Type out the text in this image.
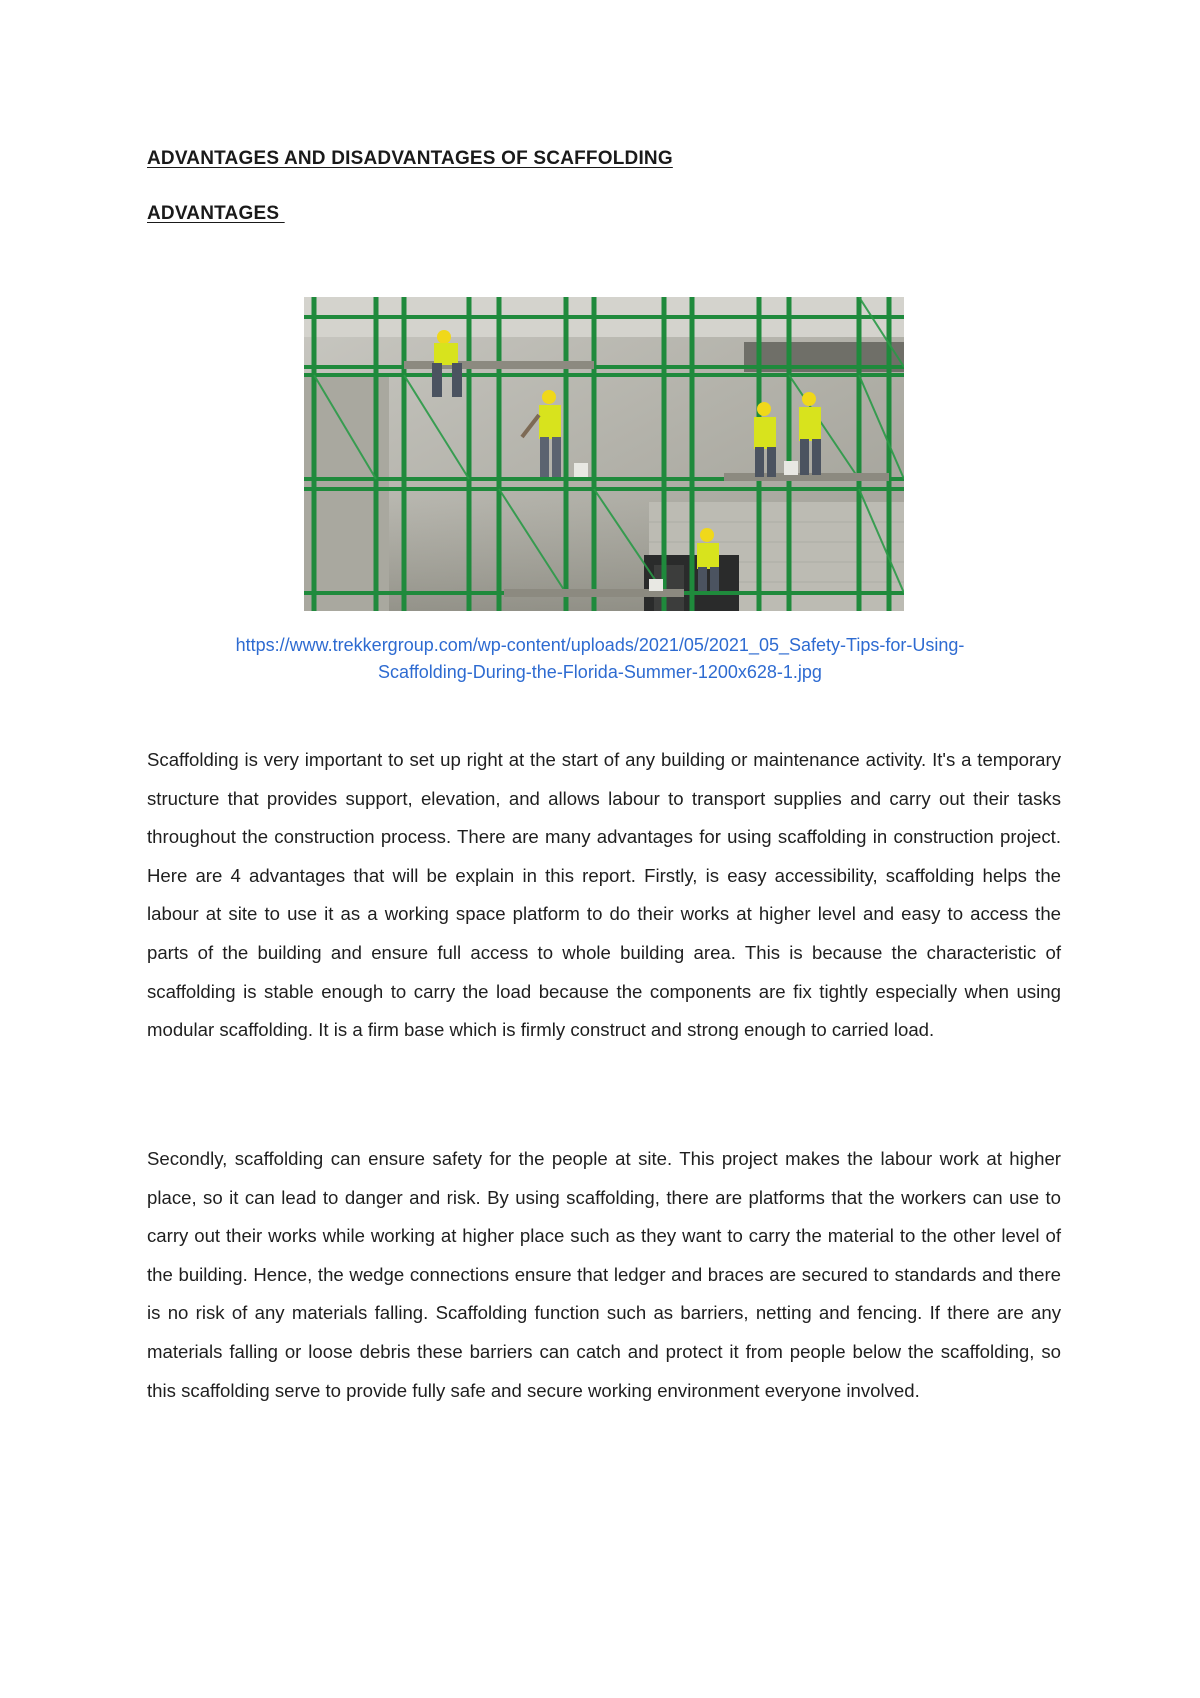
ADVANTAGES AND DISADVANTAGES OF SCAFFOLDING
ADVANTAGES
https://www.trekkergroup.com/wp-content/uploads/2021/05/2021_05_Safety-Tips-for-Using-
Scaffolding-During-the-Florida-Summer-1200x628-1.jpg

Scaffolding is very important to set up right at the start of any building or maintenance activity. It's a temporary structure that provides support, elevation, and allows labour to transport supplies and carry out their tasks throughout the construction process. There are many advantages for using scaffolding in construction project. Here are 4 advantages that will be explain in this report. Firstly, is easy accessibility, scaffolding helps the labour at site to use it as a working space platform to do their works at higher level and easy to access the parts of the building and ensure full access to whole building area. This is because the characteristic of scaffolding is stable enough to carry the load because the components are fix tightly especially when using modular scaffolding. It is a firm base which is firmly construct and strong enough to carried load.

Secondly, scaffolding can ensure safety for the people at site. This project makes the labour work at higher place, so it can lead to danger and risk. By using scaffolding, there are platforms that the workers can use to carry out their works while working at higher place such as they want to carry the material to the other level of the building. Hence, the wedge connections ensure that ledger and braces are secured to standards and there is no risk of any materials falling. Scaffolding function such as barriers, netting and fencing. If there are any materials falling or loose debris these barriers can catch and protect it from people below the scaffolding, so this scaffolding serve to provide fully safe and secure working environment everyone involved.
